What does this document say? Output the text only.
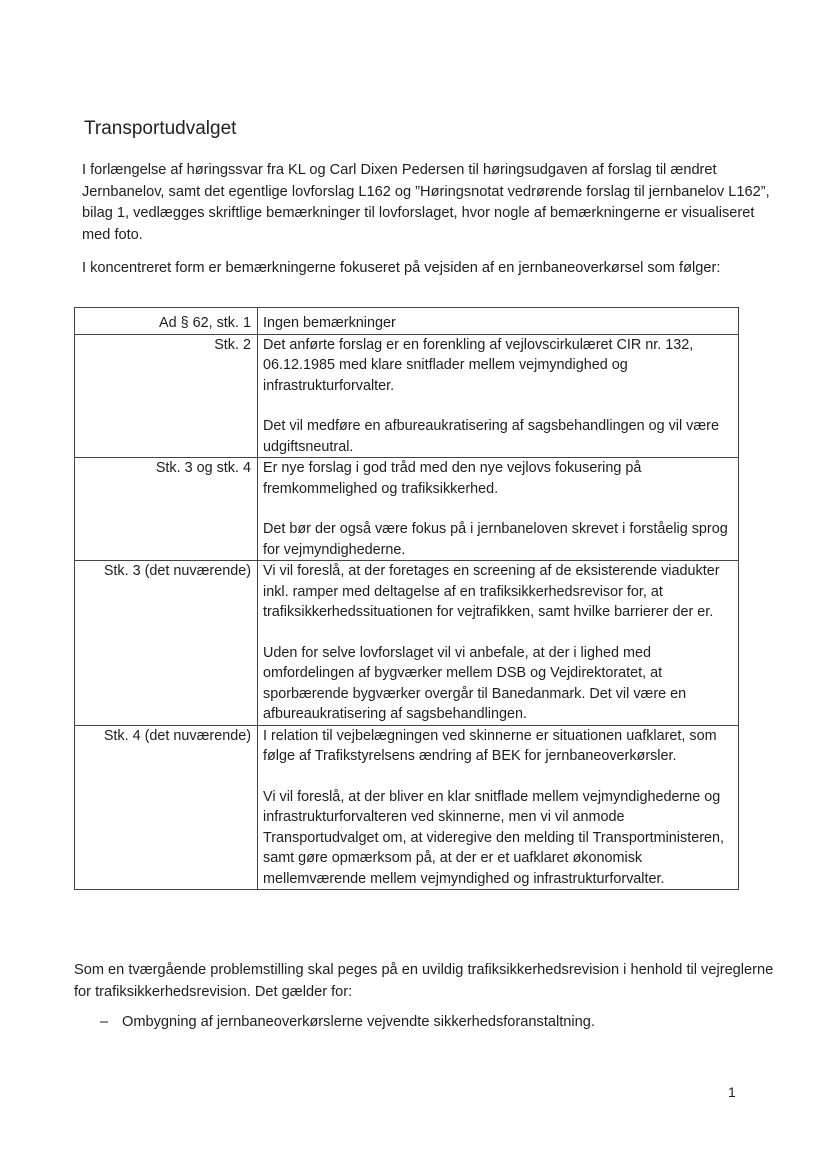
Transportudvalget
I forlængelse af høringssvar fra KL og Carl Dixen Pedersen til høringsudgaven af forslag til ændret Jernbanelov, samt det egentlige lovforslag L162 og ”Høringsnotat vedrørende forslag til jernbanelov L162”, bilag 1, vedlægges skriftlige bemærkninger til lovforslaget, hvor nogle af bemærkningerne er visualiseret med foto.
I koncentreret form er bemærkningerne fokuseret på vejsiden af en jernbaneoverkørsel som følger:
Ad § 62, stk. 1	Ingen bemærkninger

Stk. 2	Det anførte forslag er en forenkling af vejlovscirkulæret CIR nr. 132, 06.12.1985 med klare snitflader mellem vejmyndighed og infrastrukturforvalter.
Det vil medføre en afbureaukratisering af sagsbehandlingen og vil være udgiftsneutral.

Stk. 3 og stk. 4	Er nye forslag i god tråd med den nye vejlovs fokusering på fremkommelighed og trafiksikkerhed.
Det bør der også være fokus på i jernbaneloven skrevet i forståelig sprog for vejmyndighederne.

Stk. 3 (det nuværende)	Vi vil foreslå, at der foretages en screening af de eksisterende viadukter inkl. ramper med deltagelse af en trafiksikkerhedsrevisor for, at trafiksikkerhedssituationen for vejtrafikken, samt hvilke barrierer der er.
Uden for selve lovforslaget vil vi anbefale, at der i lighed med omfordelingen af bygværker mellem DSB og Vejdirektoratet, at sporbærende bygværker overgår til Banedanmark. Det vil være en afbureaukratisering af sagsbehandlingen.

Stk. 4 (det nuværende)	I relation til vejbelægningen ved skinnerne er situationen uafklaret, som følge af Trafikstyrelsens ændring af BEK for jernbaneoverkørsler.
Vi vil foreslå, at der bliver en klar snitflade mellem vejmyndighederne og infrastrukturforvalteren ved skinnerne, men vi vil anmode Transportudvalget om, at videregive den melding til Transportministeren, samt gøre opmærksom på, at der er et uafklaret økonomisk mellemværende mellem vejmyndighed og infrastrukturforvalter.
Som en tværgående problemstilling skal peges på en uvildig trafiksikkerhedsrevision i henhold til vejreglerne for trafiksikkerhedsrevision. Det gælder for:
– Ombygning af jernbaneoverkørslerne vejvendte sikkerhedsforanstaltning.
1
